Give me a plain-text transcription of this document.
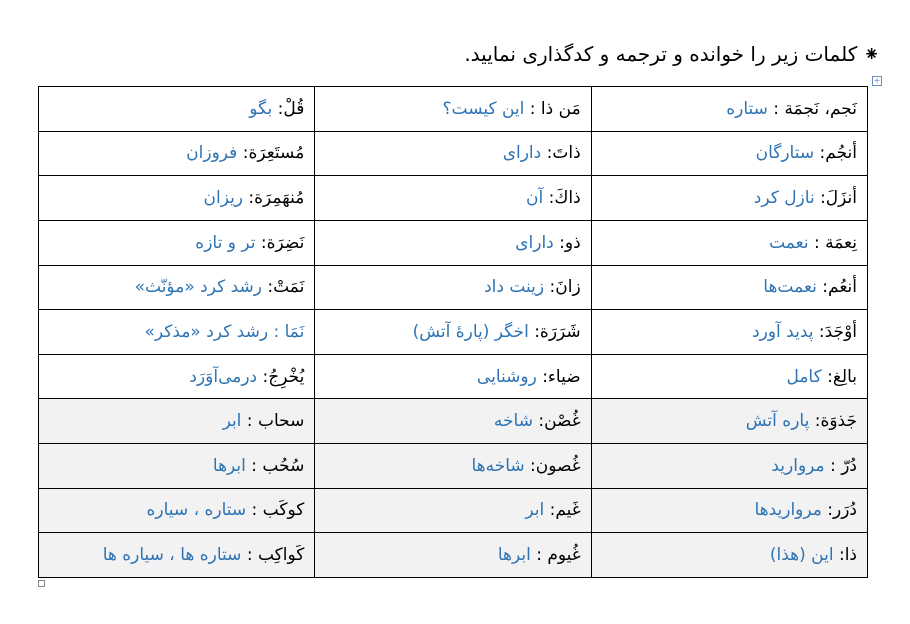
⁕کلمات زیر را خوانده و ترجمه و کدگذاری نمایید.
+
نَجم، نَجمَة : ستاره	مَن ذا : این کیست؟	قُلْ: بگو
أنجُم: ستارگان	ذاتَ: دارای	مُستَعِرَة: فروزان
أنزَلَ: نازل کرد	ذاكَ: آن	مُنهَمِرَة: ریزان
نِعمَة : نعمت	ذو: دارای	نَضِرَة: تر و تازه
أنعُم: نعمت‌ها	زانَ: زینت داد	نَمَتْ: رشد کرد «مؤنّث»
أوْجَدَ: پدید آورد	شَرَرَة: اخگر (پارهٔ آتش)	نَمَا : رشد کرد «مذکر»
بالِغ: کامل	ضیاء: روشنایی	يُخْرِجُ: درمی‌آوَرَد
جَذوَة: پاره آتش	غُصْن: شاخه	سحاب : ابر
دُرّ : مروارید	غُصون: شاخه‌ها	سُحُب : ابرها
دُرَر: مرواریدها	غَيم: ابر	كوكَب : ستاره ، سیاره
ذا: این (هذا)	غُيوم : ابرها	كَواكِب : ستاره ها ، سیاره ها
